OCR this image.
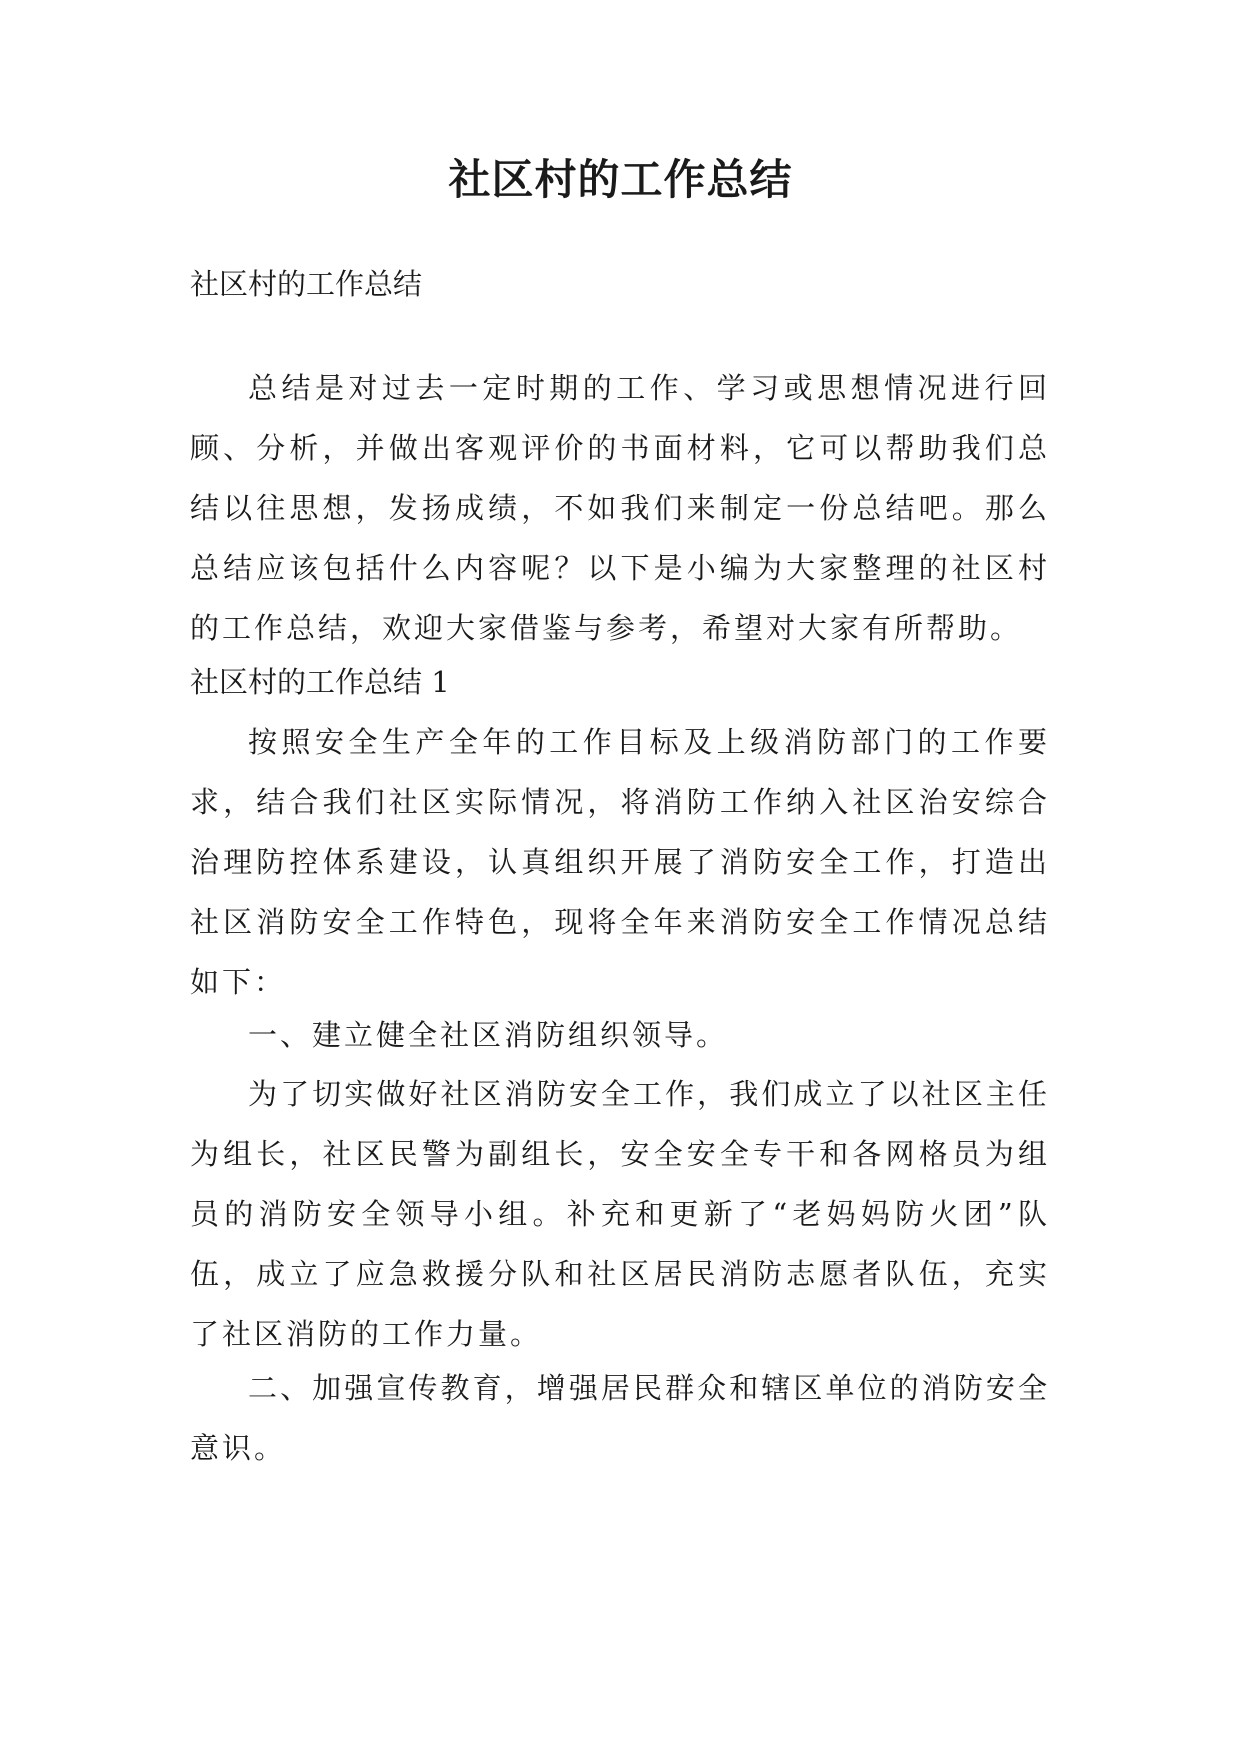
社区村的工作总结

社区村的工作总结

总结是对过去一定时期的工作、学习或思想情况进行回顾、分析，并做出客观评价的书面材料，它可以帮助我们总结以往思想，发扬成绩，不如我们来制定一份总结吧。那么总结应该包括什么内容呢？以下是小编为大家整理的社区村的工作总结，欢迎大家借鉴与参考，希望对大家有所帮助。

社区村的工作总结 1

按照安全生产全年的工作目标及上级消防部门的工作要求，结合我们社区实际情况，将消防工作纳入社区治安综合治理防控体系建设，认真组织开展了消防安全工作，打造出社区消防安全工作特色，现将全年来消防安全工作情况总结如下：

一、建立健全社区消防组织领导。

为了切实做好社区消防安全工作，我们成立了以社区主任为组长，社区民警为副组长，安全安全专干和各网格员为组员的消防安全领导小组。补充和更新了“老妈妈防火团”队伍，成立了应急救援分队和社区居民消防志愿者队伍，充实了社区消防的工作力量。

二、加强宣传教育，增强居民群众和辖区单位的消防安全意识。
